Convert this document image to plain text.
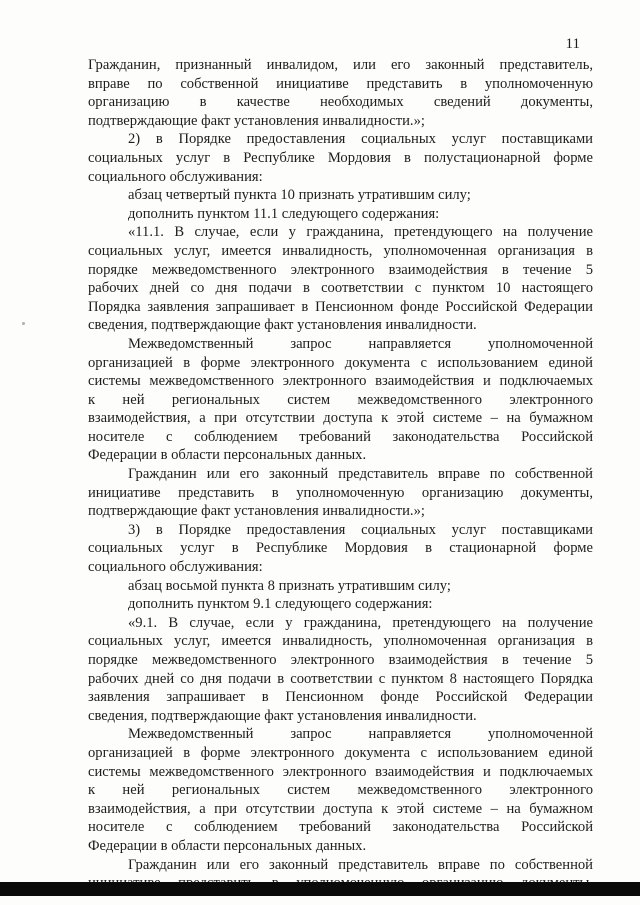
11
Гражданин, признанный инвалидом, или его законный представитель,
вправе по собственной инициативе представить в уполномоченную
организацию в качестве необходимых сведений документы,
подтверждающие факт установления инвалидности.»;
2) в Порядке предоставления социальных услуг поставщиками
социальных услуг в Республике Мордовия в полустационарной форме
социального обслуживания:
абзац четвертый пункта 10 признать утратившим силу;
дополнить пунктом 11.1 следующего содержания:
«11.1. В случае, если у гражданина, претендующего на получение
социальных услуг, имеется инвалидность, уполномоченная организация в
порядке межведомственного электронного взаимодействия в течение 5
рабочих дней со дня подачи в соответствии с пунктом 10 настоящего
Порядка заявления запрашивает в Пенсионном фонде Российской Федерации
сведения, подтверждающие факт установления инвалидности.
Межведомственный запрос направляется уполномоченной
организацией в форме электронного документа с использованием единой
системы межведомственного электронного взаимодействия и подключаемых
к ней региональных систем межведомственного электронного
взаимодействия, а при отсутствии доступа к этой системе – на бумажном
носителе с соблюдением требований законодательства Российской
Федерации в области персональных данных.
Гражданин или его законный представитель вправе по собственной
инициативе представить в уполномоченную организацию документы,
подтверждающие факт установления инвалидности.»;
3) в Порядке предоставления социальных услуг поставщиками
социальных услуг в Республике Мордовия в стационарной форме
социального обслуживания:
абзац восьмой пункта 8 признать утратившим силу;
дополнить пунктом 9.1 следующего содержания:
«9.1. В случае, если у гражданина, претендующего на получение
социальных услуг, имеется инвалидность, уполномоченная организация в
порядке межведомственного электронного взаимодействия в течение 5
рабочих дней со дня подачи в соответствии с пунктом 8 настоящего Порядка
заявления запрашивает в Пенсионном фонде Российской Федерации
сведения, подтверждающие факт установления инвалидности.
Межведомственный запрос направляется уполномоченной
организацией в форме электронного документа с использованием единой
системы межведомственного электронного взаимодействия и подключаемых
к ней региональных систем межведомственного электронного
взаимодействия, а при отсутствии доступа к этой системе – на бумажном
носителе с соблюдением требований законодательства Российской
Федерации в области персональных данных.
Гражданин или его законный представитель вправе по собственной
